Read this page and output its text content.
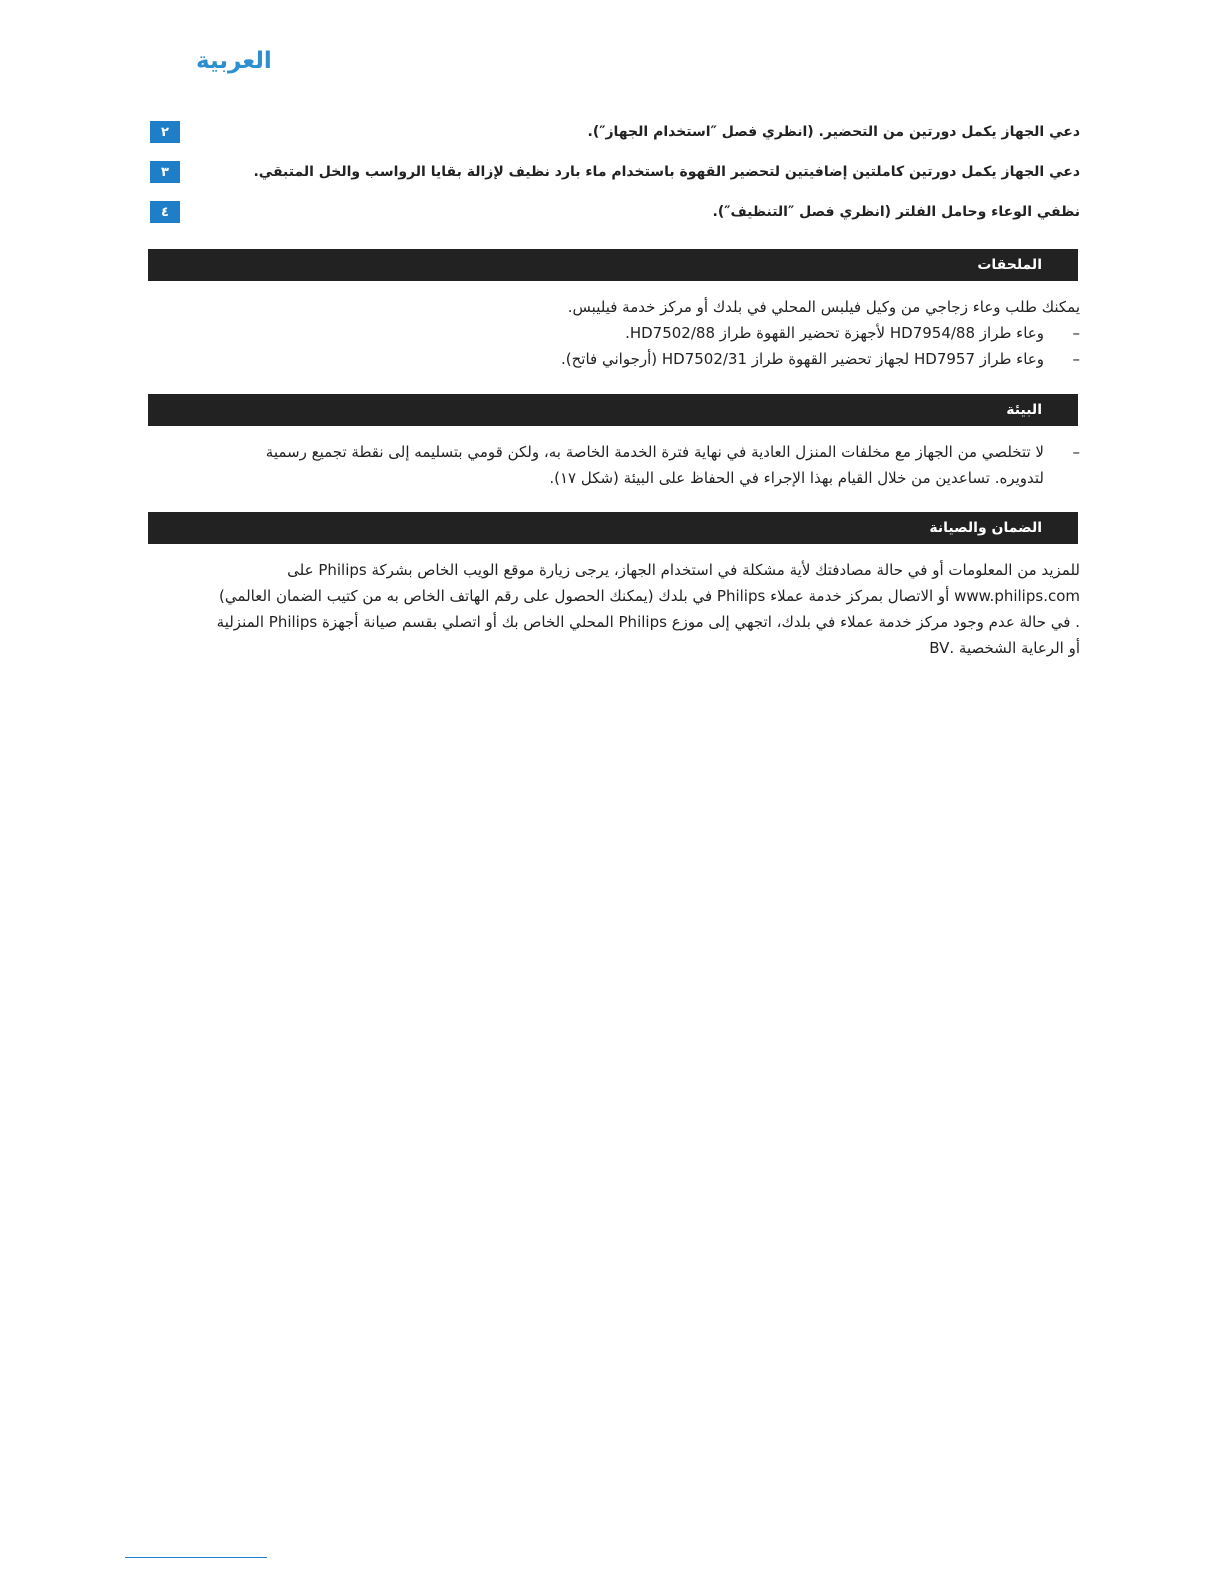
العربية
٢	دعي الجهاز يكمل دورتين من التحضير. (انظري فصل ″استخدام الجهاز″).
٣	دعي الجهاز يكمل دورتين كاملتين إضافيتين لتحضير القهوة باستخدام ماء بارد نظيف لإزالة بقايا الرواسب والخل المتبقي.
٤	نظفي الوعاء وحامل الفلتر (انظري فصل ″التنظيف″).
الملحقات
يمكنك طلب وعاء زجاجي من وكيل فيلبس المحلي في بلدك أو مركز خدمة فيليبس.
–
وعاء طراز HD7954/88 لأجهزة تحضير القهوة طراز HD7502/88.
–
وعاء طراز HD7957 لجهاز تحضير القهوة طراز HD7502/31 (أرجواني فاتح).
البيئة
–
لا تتخلصي من الجهاز مع مخلفات المنزل العادية في نهاية فترة الخدمة الخاصة به، ولكن قومي بتسليمه إلى نقطة تجميع رسمية
لتدويره. تساعدين من خلال القيام بهذا الإجراء في الحفاظ على البيئة (شكل ١٧).
الضمان والصيانة
للمزيد من المعلومات أو في حالة مصادفتك لأية مشكلة في استخدام الجهاز، يرجى زيارة موقع الويب الخاص بشركة Philips على
www.philips.com أو الاتصال بمركز خدمة عملاء Philips في بلدك (يمكنك الحصول على رقم الهاتف الخاص به من كتيب الضمان العالمي)
. في حالة عدم وجود مركز خدمة عملاء في بلدك، اتجهي إلى موزع Philips المحلي الخاص بك أو اتصلي بقسم صيانة أجهزة Philips المنزلية
أو الرعاية الشخصية .BV
